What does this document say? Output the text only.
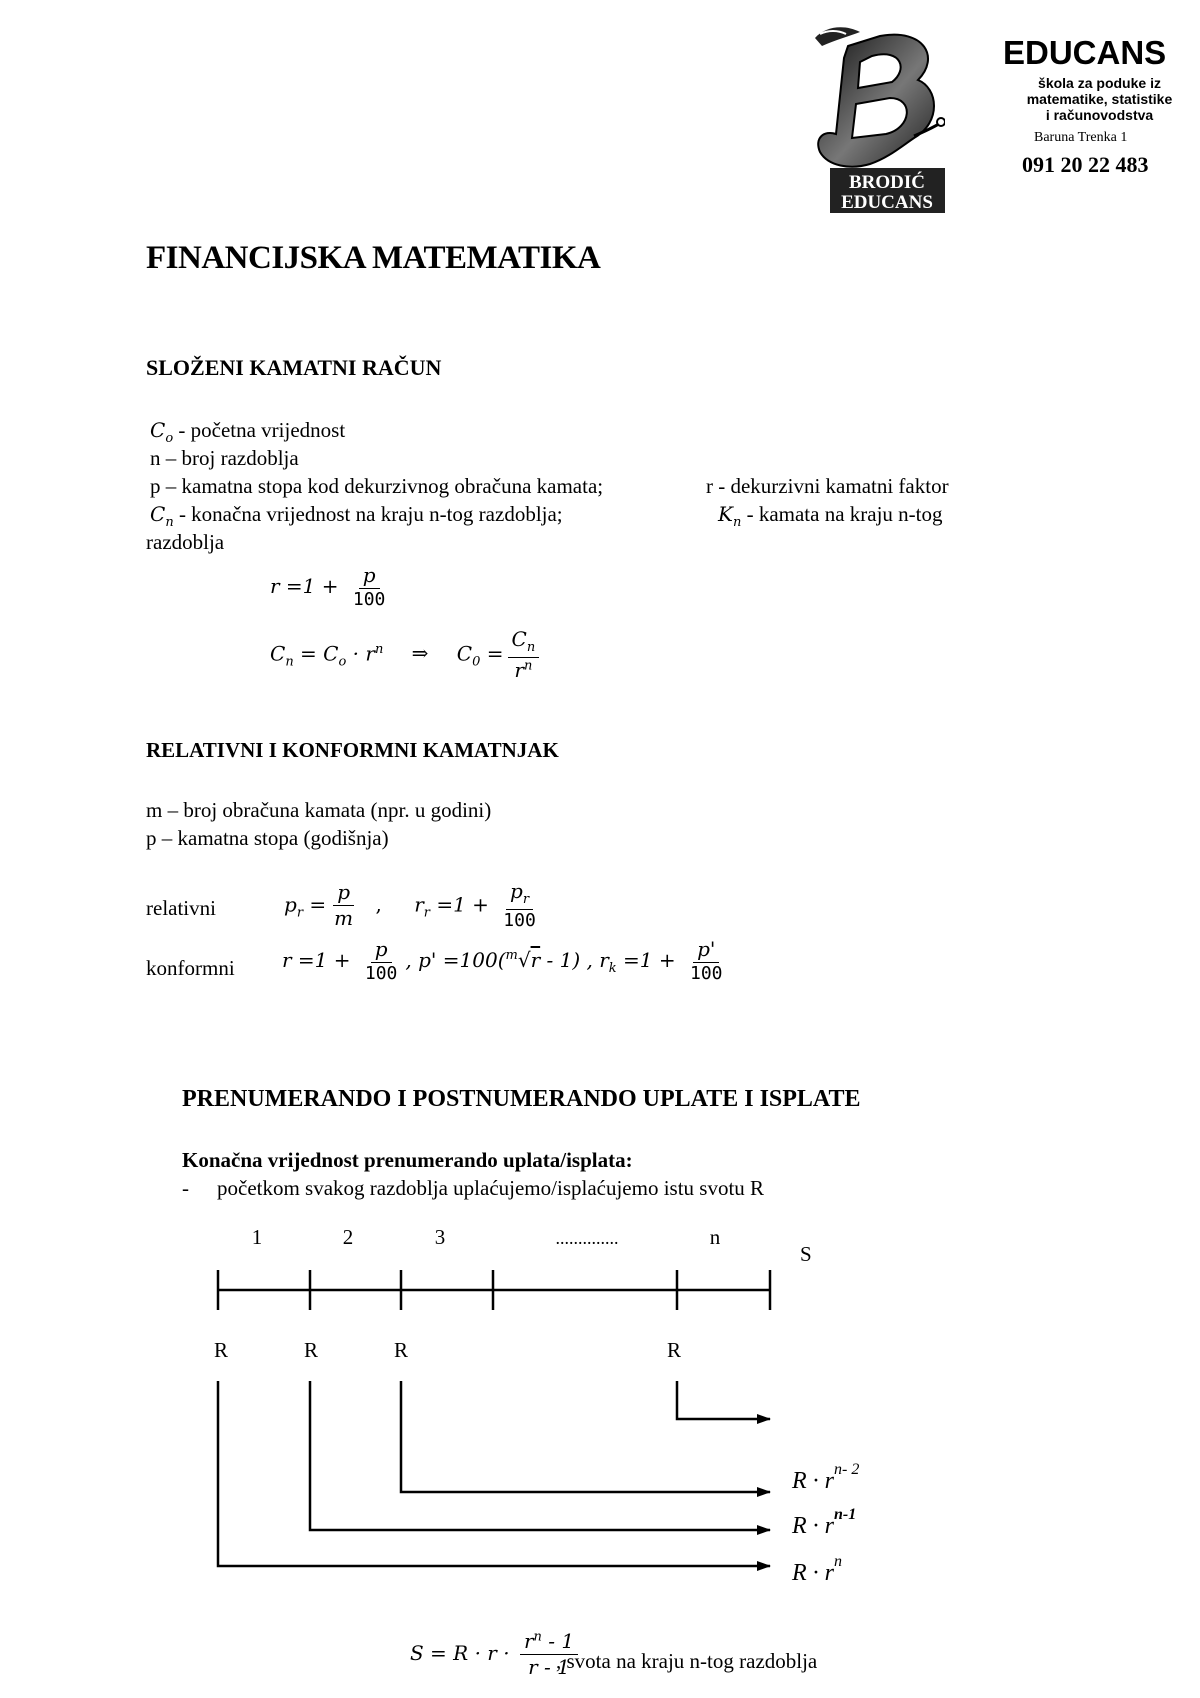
BRODIĆ
EDUCANS
EDUCANS
škola za poduke iz
matematike, statistike
i računovodstva
Baruna Trenka 1
091 20 22 483
FINANCIJSKA MATEMATIKA
SLOŽENI KAMATNI RAČUN
$C_o$ - početna vrijednost
n – broj razdoblja
p – kamatna stopa kod dekurzivnog obračuna kamata;	r - dekurzivni kamatni faktor
$C_n$ - konačna vrijednost na kraju n-tog razdoblja;	$K_n$ - kamata na kraju n-tog
razdoblja
$r =1 + \frac{p}{100}$
$C_n = C_o \cdot r^n$ ⇒ $C_0 = \frac{C_n}{r^n}$
RELATIVNI I KONFORMNI KAMATNJAK
m – broj obračuna kamata (npr. u godini)
p – kamatna stopa (godišnja)
relativni	$p_r = \frac{p}{m}$ , $r_r =1 + \frac{p_r}{100}$
konformni $r =1 + \frac{p}{100}$ , p' =100($^m$√r - 1) , $r_k =1 + \frac{p'}{100}$
PRENUMERANDO I POSTNUMERANDO UPLATE I ISPLATE
Konačna vrijednost prenumerando uplata/isplata:
- početkom svakog razdoblja uplaćujemo/isplaćujemo istu svotu R
1	2	3	..............	n
S
R	R	R	R
$R \cdot r^{n- 2}$
$R \cdot r^{n-1}$
$R \cdot r^n$
$S = R \cdot r \cdot \frac{r^n - 1}{r - 1}$
, svota na kraju n-tog razdoblja
